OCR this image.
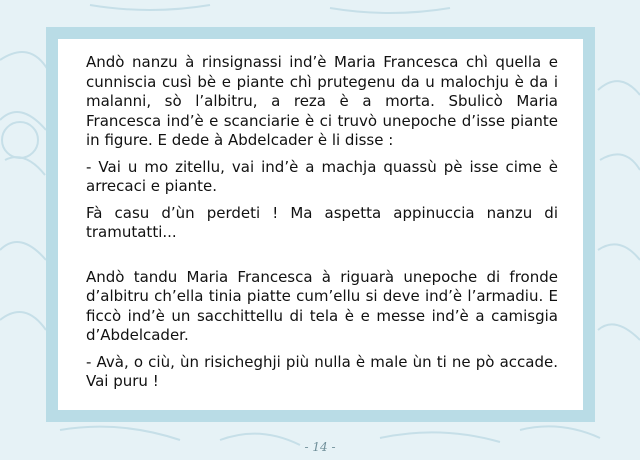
Andò nanzu à rinsignassi ind’è Maria Francesca chì quella e cunniscia cusì bè e piante chì prutegenu da u malochju è da i malanni, sò l’albitru, a reza è a morta. Sbulicò Maria Francesca ind’è e scanciarie è ci truvò unepoche d’isse piante in figure. E dede à Abdelcader è li disse :

- Vai u mo zitellu, vai ind’è a machja quassù pè isse cime è arrecaci e piante.

Fà casu d’ùn perdeti ! Ma aspetta appinuccia nanzu di tramutatti...

Andò tandu Maria Francesca à riguarà unepoche di fronde d’albitru ch’ella tinia piatte cum’ellu si deve ind’è l’armadiu. E ficcò ind’è un sacchittellu di tela è e messe ind’è a camisgia d’Abdelcader.

- Avà, o ciù, ùn risicheghji più nulla è male ùn ti ne pò accade. Vai puru !

- 14 -
